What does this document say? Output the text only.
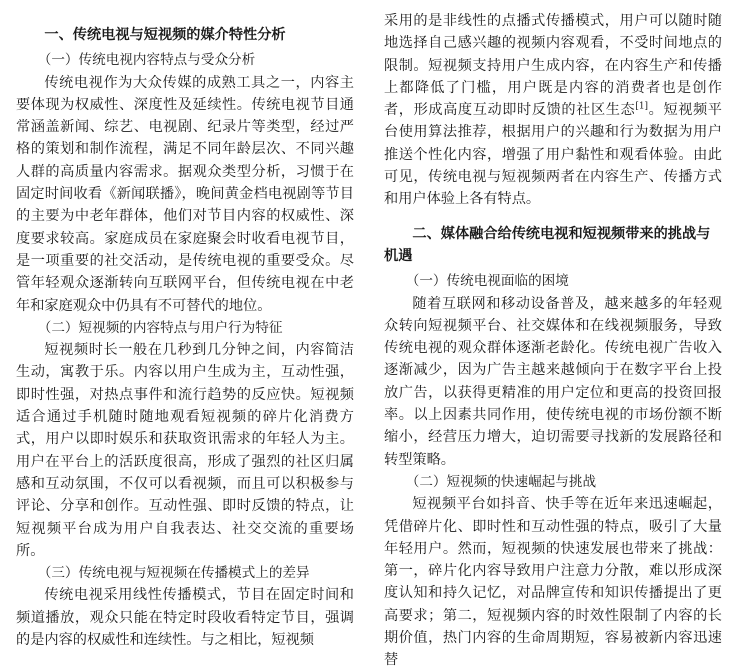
一、传统电视与短视频的媒介特性分析
（一）传统电视内容特点与受众分析

传统电视作为大众传媒的成熟工具之一，内容主要体现为权威性、深度性及延续性。传统电视节目通常涵盖新闻、综艺、电视剧、纪录片等类型，经过严格的策划和制作流程，满足不同年龄层次、不同兴趣人群的高质量内容需求。据观众类型分析，习惯于在固定时间收看《新闻联播》，晚间黄金档电视剧等节目的主要为中老年群体，他们对节目内容的权威性、深度要求较高。家庭成员在家庭聚会时收看电视节目，是一项重要的社交活动，是传统电视的重要受众。尽管年轻观众逐渐转向互联网平台，但传统电视在中老年和家庭观众中仍具有不可替代的地位。

（二）短视频的内容特点与用户行为特征

短视频时长一般在几秒到几分钟之间，内容简洁生动，寓教于乐。内容以用户生成为主，互动性强，即时性强，对热点事件和流行趋势的反应快。短视频适合通过手机随时随地观看短视频的碎片化消费方式，用户以即时娱乐和获取资讯需求的年轻人为主。用户在平台上的活跃度很高，形成了强烈的社区归属感和互动氛围，不仅可以看视频，而且可以积极参与评论、分享和创作。互动性强、即时反馈的特点，让短视频平台成为用户自我表达、社交交流的重要场所。

（三）传统电视与短视频在传播模式上的差异

传统电视采用线性传播模式，节目在固定时间和频道播放，观众只能在特定时段收看特定节目，强调的是内容的权威性和连续性。与之相比，短视频

采用的是非线性的点播式传播模式，用户可以随时随地选择自己感兴趣的视频内容观看，不受时间地点的限制。短视频支持用户生成内容，在内容生产和传播上都降低了门槛，用户既是内容的消费者也是创作者，形成高度互动即时反馈的社区生态[1]。短视频平台使用算法推荐，根据用户的兴趣和行为数据为用户推送个性化内容，增强了用户黏性和观看体验。由此可见，传统电视与短视频两者在内容生产、传播方式和用户体验上各有特点。

二、媒体融合给传统电视和短视频带来的挑战与机遇
（一）传统电视面临的困境

随着互联网和移动设备普及，越来越多的年轻观众转向短视频平台、社交媒体和在线视频服务，导致传统电视的观众群体逐渐老龄化。传统电视广告收入逐渐减少，因为广告主越来越倾向于在数字平台上投放广告，以获得更精准的用户定位和更高的投资回报率。以上因素共同作用，使传统电视的市场份额不断缩小，经营压力增大，迫切需要寻找新的发展路径和转型策略。

（二）短视频的快速崛起与挑战

短视频平台如抖音、快手等在近年来迅速崛起，凭借碎片化、即时性和互动性强的特点，吸引了大量年轻用户。然而，短视频的快速发展也带来了挑战：第一，碎片化内容导致用户注意力分散，难以形成深度认知和持久记忆，对品牌宣传和知识传播提出了更高要求；第二，短视频内容的时效性限制了内容的长期价值，热门内容的生命周期短，容易被新内容迅速替
